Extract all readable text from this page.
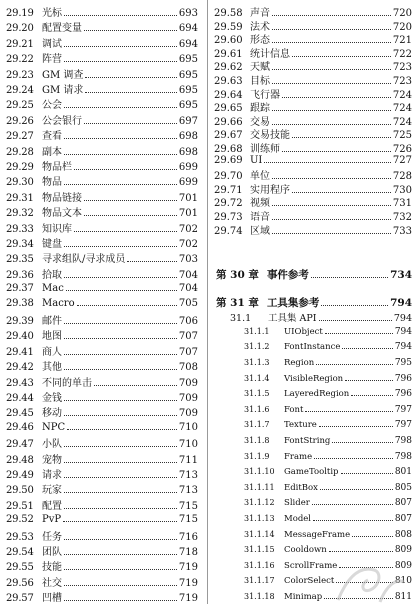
29.19 光标	693
29.20 配置变量	694
29.21 调试	694
29.22 阵营	695
29.23 GM 调查	695
29.24 GM 请求	695
29.25 公会	695
29.26 公会银行	697
29.27 查看	698
29.28 副本	698
29.29 物品栏	699
29.30 物品	699
29.31 物品链接	701
29.32 物品文本	701
29.33 知识库	702
29.34 键盘	702
29.35 寻求组队/寻求成员	703
29.36 拾取	704
29.37 Mac	704
29.38 Macro	705
29.39 邮件	706
29.40 地图	707
29.41 商人	707
29.42 其他	708
29.43 不同的单击	709
29.44 金钱	709
29.45 移动	709
29.46 NPC	710
29.47 小队	710
29.48 宠物	711
29.49 请求	713
29.50 玩家	713
29.51 配置	715
29.52 PvP	715
29.53 任务	716
29.54 团队	718
29.55 技能	719
29.56 社交	719
29.57 凹槽	719
29.58 声音	720
29.59 法术	720
29.60 形态	721
29.61 统计信息	722
29.62 天赋	723
29.63 目标	723
29.64 飞行器	724
29.65 跟踪	724
29.66 交易	724
29.67 交易技能	725
29.68 训练师	726
29.69 UI	727
29.70 单位	728
29.71 实用程序	730
29.72 视频	731
29.73 语音	732
29.74 区域	733
第 30 章 事件参考	734
第 31 章 工具集参考	794
31.1	工具集 API	794
31.1.1	UIObject	794
31.1.2	FontInstance	794
31.1.3	Region	795
31.1.4	VisibleRegion	796
31.1.5	LayeredRegion	796
31.1.6	Font	797
31.1.7	Texture	797
31.1.8	FontString	798
31.1.9	Frame	798
31.1.10	GameTooltip	801
31.1.11	EditBox	805
31.1.12	Slider	807
31.1.13	Model	807
31.1.14	MessageFrame	808
31.1.15	Cooldown	809
31.1.16	ScrollFrame	809
31.1.17	ColorSelect	810
31.1.18	Minimap	811
